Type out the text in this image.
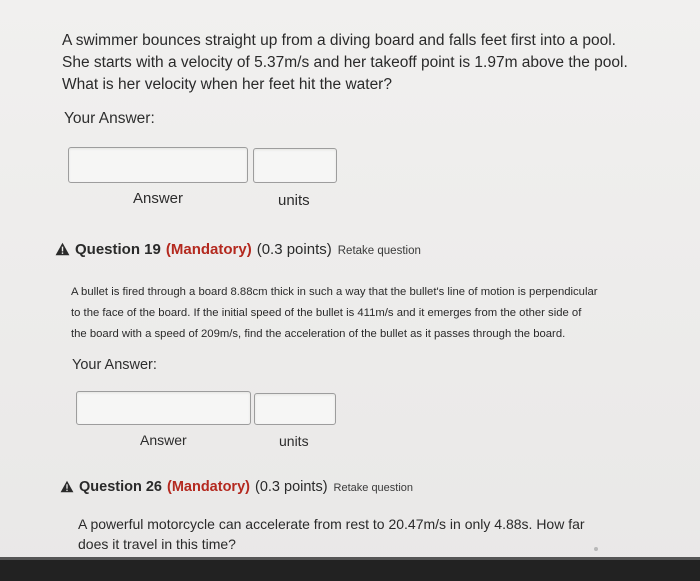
A swimmer bounces straight up from a diving board and falls feet first into a pool.
She starts with a velocity of 5.37m/s and her takeoff point is 1.97m above the pool.
What is her velocity when her feet hit the water?
Your Answer:
Answer	units
Question 19 (Mandatory) (0.3 points) Retake question
A bullet is fired through a board 8.88cm thick in such a way that the bullet's line of motion is perpendicular
to the face of the board. If the initial speed of the bullet is 411m/s and it emerges from the other side of
the board with a speed of 209m/s, find the acceleration of the bullet as it passes through the board.
Your Answer:
Answer	units
Question 26 (Mandatory) (0.3 points) Retake question
A powerful motorcycle can accelerate from rest to 20.47m/s in only 4.88s. How far
does it travel in this time?
